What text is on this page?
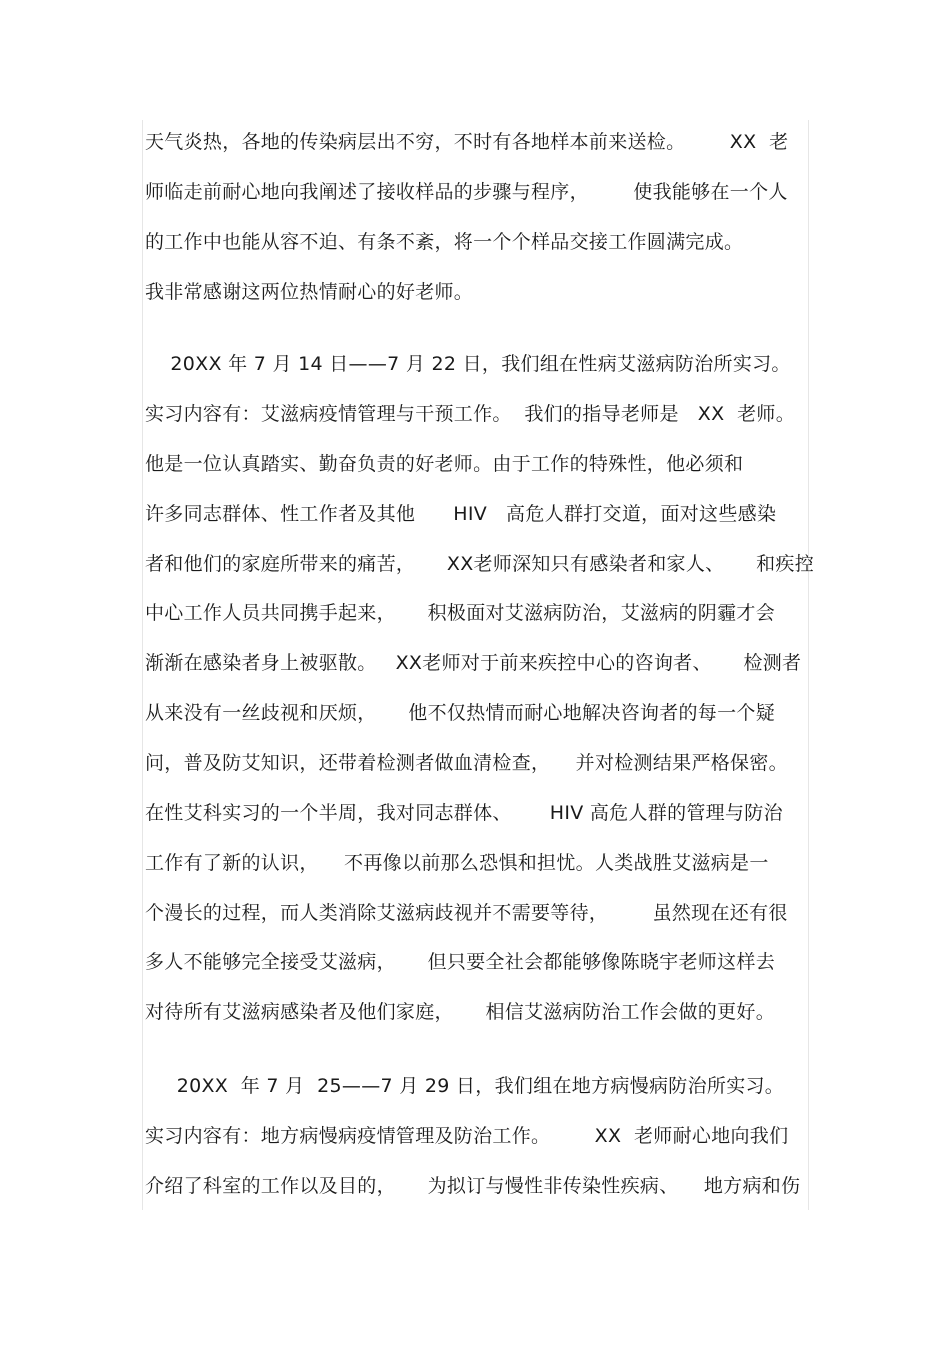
天气炎热，各地的传染病层出不穷，不时有各地样本前来送检。       XX  老
师临走前耐心地向我阐述了接收样品的步骤与程序，       使我能够在一个人
的工作中也能从容不迫、有条不紊，将一个个样品交接工作圆满完成。
我非常感谢这两位热情耐心的好老师。
20XX 年 7 月 14 日——7 月 22 日，我们组在性病艾滋病防治所实习。
实习内容有：艾滋病疫情管理与干预工作。  我们的指导老师是   XX  老师。
他是一位认真踏实、勤奋负责的好老师。由于工作的特殊性，他必须和
许多同志群体、性工作者及其他      HIV   高危人群打交道，面对这些感染
者和他们的家庭所带来的痛苦，     XX老师深知只有感染者和家人、     和疾控
中心工作人员共同携手起来，     积极面对艾滋病防治，艾滋病的阴霾才会
渐渐在感染者身上被驱散。   XX老师对于前来疾控中心的咨询者、     检测者
从来没有一丝歧视和厌烦，     他不仅热情而耐心地解决咨询者的每一个疑
问，普及防艾知识，还带着检测者做血清检查，    并对检测结果严格保密。
在性艾科实习的一个半周，我对同志群体、      HIV 高危人群的管理与防治
工作有了新的认识，    不再像以前那么恐惧和担忧。人类战胜艾滋病是一
个漫长的过程，而人类消除艾滋病歧视并不需要等待，       虽然现在还有很
多人不能够完全接受艾滋病，     但只要全社会都能够像陈晓宇老师这样去
对待所有艾滋病感染者及他们家庭，     相信艾滋病防治工作会做的更好。
20XX  年 7 月  25——7 月 29 日，我们组在地方病慢病防治所实习。
实习内容有：地方病慢病疫情管理及防治工作。       XX  老师耐心地向我们
介绍了科室的工作以及目的，     为拟订与慢性非传染性疾病、    地方病和伤
